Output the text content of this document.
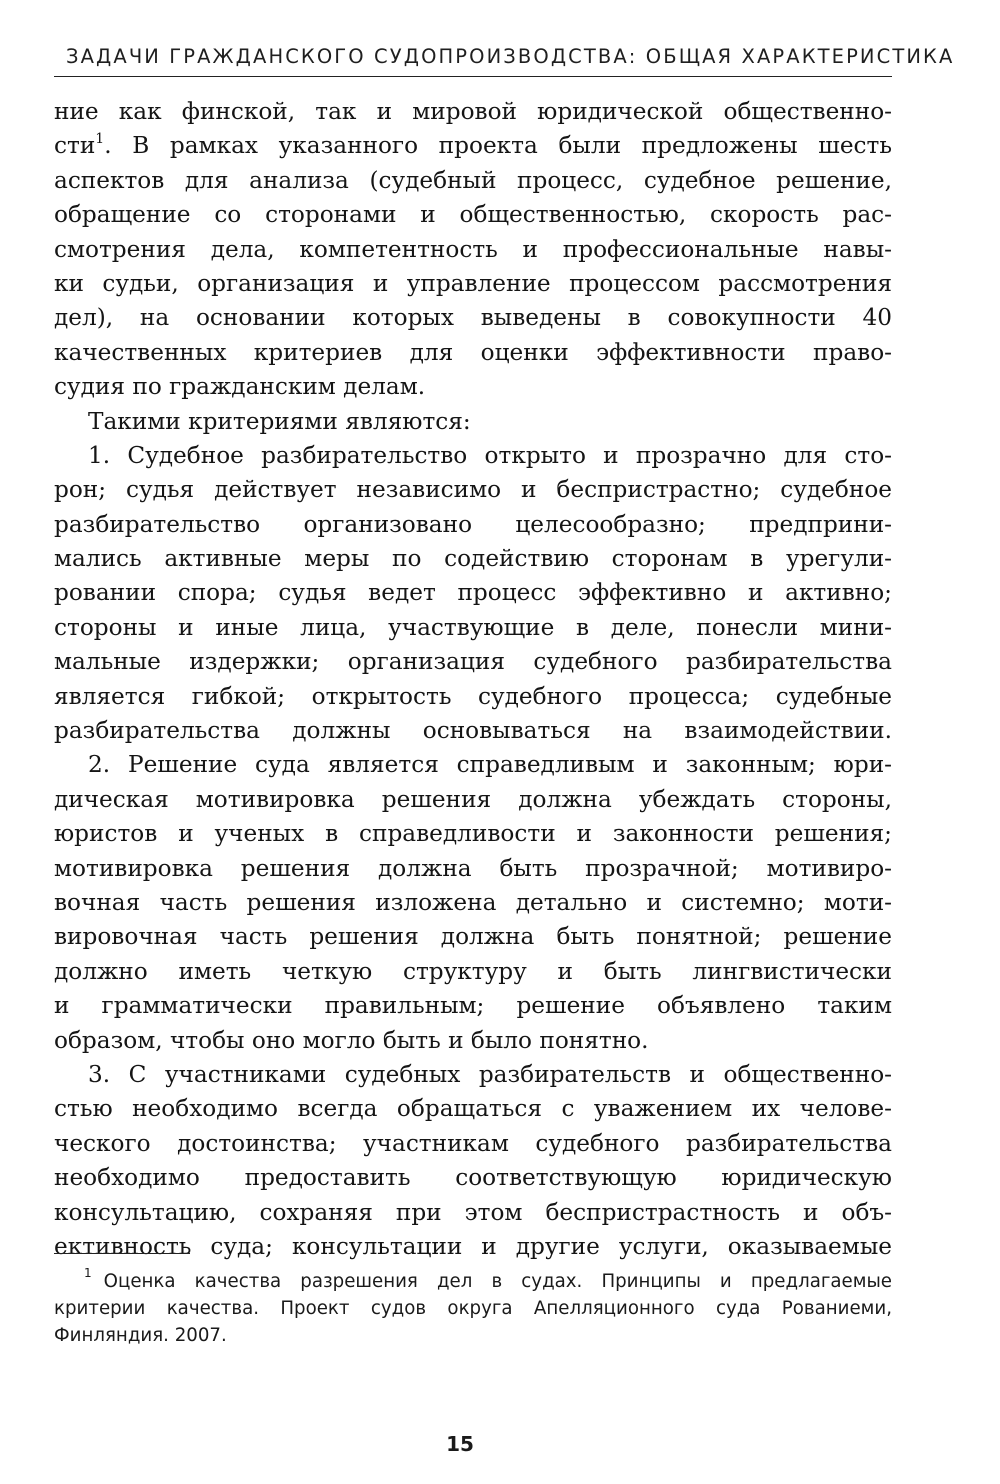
ЗАДАЧИ ГРАЖДАНСКОГО СУДОПРОИЗВОДСТВА: ОБЩАЯ ХАРАКТЕРИСТИКА
ние как финской, так и мировой юридической общественно-
сти$^1$. В рамках указанного проекта были предложены шесть
аспектов для анализа (судебный процесс, судебное решение,
обращение со сторонами и общественностью, скорость рас-
смотрения дела, компетентность и профессиональные навы-
ки судьи, организация и управление процессом рассмотрения
дел), на основании которых выведены в совокупности 40
качественных критериев для оценки эффективности право-
судия по гражданским делам.
Такими критериями являются:
1. Судебное разбирательство открыто и прозрачно для сто-
рон; судья действует независимо и беспристрастно; судебное
разбирательство организовано целесообразно; предприни-
мались активные меры по содействию сторонам в урегули-
ровании спора; судья ведет процесс эффективно и активно;
стороны и иные лица, участвующие в деле, понесли мини-
мальные издержки; организация судебного разбирательства
является гибкой; открытость судебного процесса; судебные
разбирательства должны основываться на взаимодействии.
2. Решение суда является справедливым и законным; юри-
дическая мотивировка решения должна убеждать стороны,
юристов и ученых в справедливости и законности решения;
мотивировка решения должна быть прозрачной; мотивиро-
вочная часть решения изложена детально и системно; моти-
вировочная часть решения должна быть понятной; решение
должно иметь четкую структуру и быть лингвистически
и грамматически правильным; решение объявлено таким
образом, чтобы оно могло быть и было понятно.
3. С участниками судебных разбирательств и общественно-
стью необходимо всегда обращаться с уважением их челове-
ческого достоинства; участникам судебного разбирательства
необходимо предоставить соответствующую юридическую
консультацию, сохраняя при этом беспристрастность и объ-
ективность суда; консультации и другие услуги, оказываемые
$^1$ Оценка качества разрешения дел в судах. Принципы и предлагаемые
критерии качества. Проект судов округа Апелляционного суда Рованиеми,
Финляндия. 2007.
15
